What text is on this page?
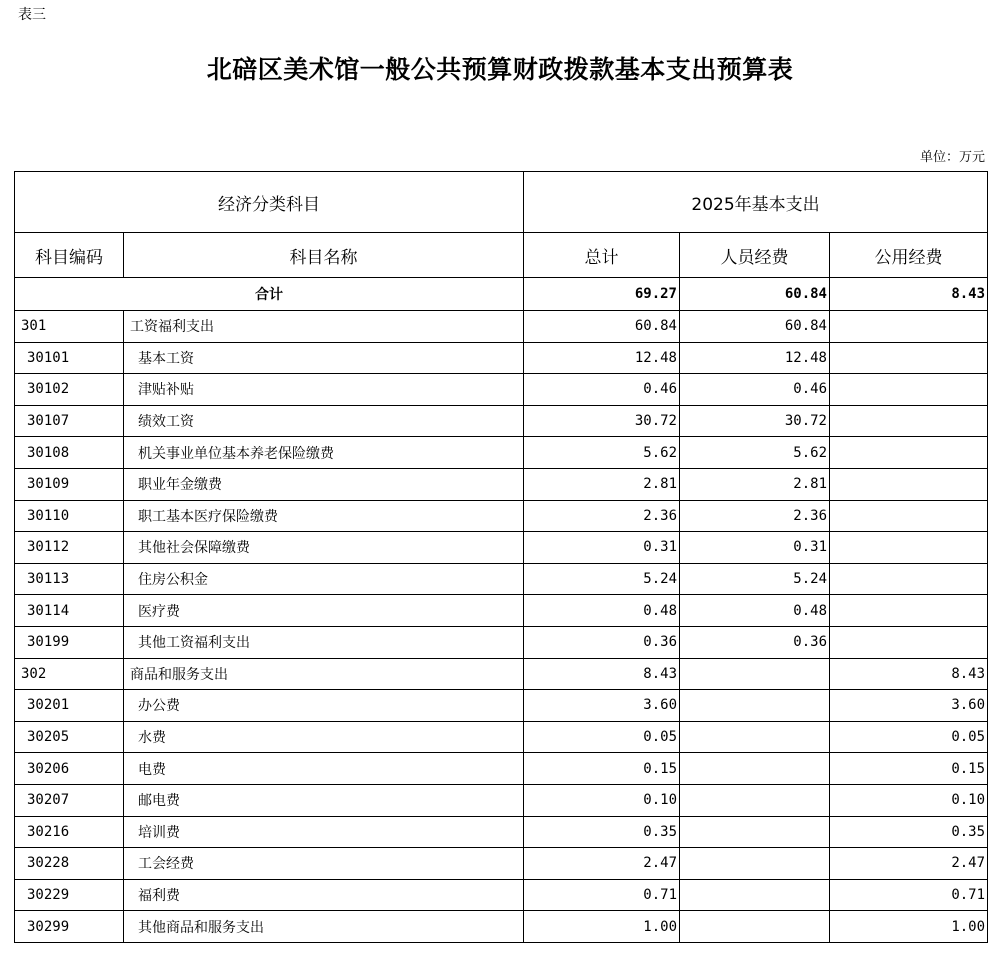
表三
北碚区美术馆一般公共预算财政拨款基本支出预算表
单位：万元
经济分类科目		2025年基本支出		
科目编码	科目名称	总计	人员经费	公用经费
合计		69.27	60.84	8.43
301	工资福利支出	60.84	60.84	
30101	基本工资	12.48	12.48	
30102	津贴补贴	0.46	0.46	
30107	绩效工资	30.72	30.72	
30108	机关事业单位基本养老保险缴费	5.62	5.62	
30109	职业年金缴费	2.81	2.81	
30110	职工基本医疗保险缴费	2.36	2.36	
30112	其他社会保障缴费	0.31	0.31	
30113	住房公积金	5.24	5.24	
30114	医疗费	0.48	0.48	
30199	其他工资福利支出	0.36	0.36	
302	商品和服务支出	8.43		8.43
30201	办公费	3.60		3.60
30205	水费	0.05		0.05
30206	电费	0.15		0.15
30207	邮电费	0.10		0.10
30216	培训费	0.35		0.35
30228	工会经费	2.47		2.47
30229	福利费	0.71		0.71
30299	其他商品和服务支出	1.00		1.00
